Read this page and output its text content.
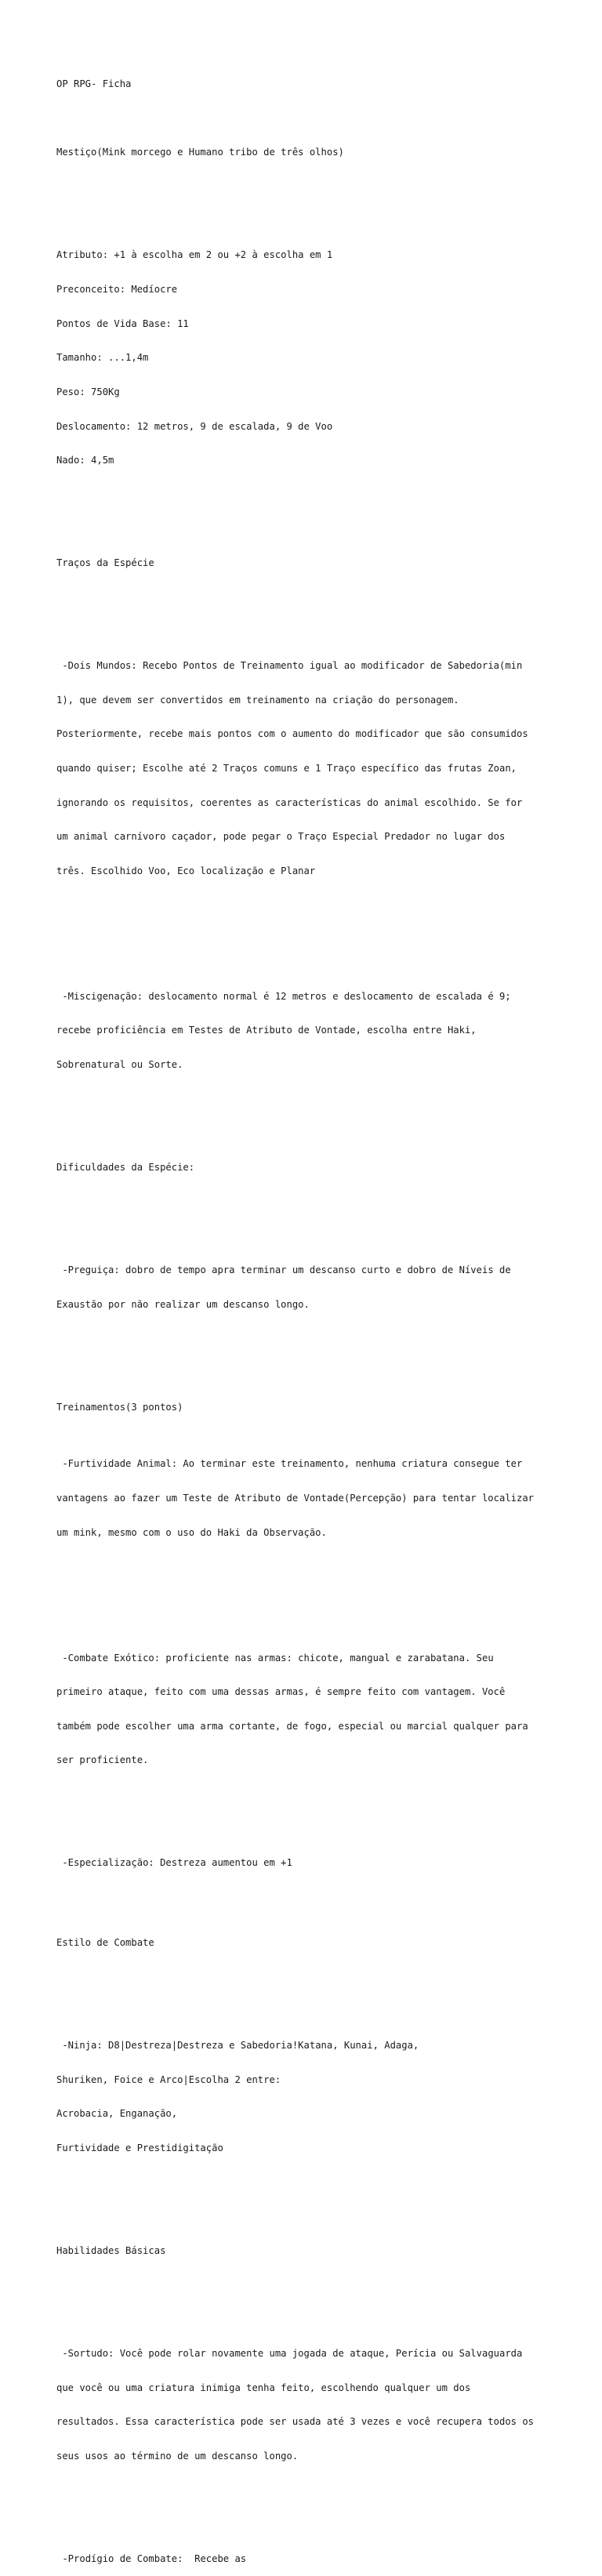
OP RPG- Ficha

Mestiço(Mink morcego e Humano tribo de três olhos)

Atributo: +1 à escolha em 2 ou +2 à escolha em 1

Preconceito: Medíocre

Pontos de Vida Base: 11

Tamanho: ...1,4m

Peso: 750Kg

Deslocamento: 12 metros, 9 de escalada, 9 de Voo

Nado: 4,5m

Traços da Espécie

-Dois Mundos: Recebo Pontos de Treinamento igual ao modificador de Sabedoria(min

1), que devem ser convertidos em treinamento na criação do personagem.

Posteriormente, recebe mais pontos com o aumento do modificador que são consumidos

quando quiser; Escolhe até 2 Traços comuns e 1 Traço específico das frutas Zoan,

ignorando os requisitos, coerentes as características do animal escolhido. Se for

um animal carnívoro caçador, pode pegar o Traço Especial Predador no lugar dos

três. Escolhido Voo, Eco localização e Planar

-Miscigenação: deslocamento normal é 12 metros e deslocamento de escalada é 9;

recebe proficiência em Testes de Atributo de Vontade, escolha entre Haki,

Sobrenatural ou Sorte.

Dificuldades da Espécie:

-Preguiça: dobro de tempo apra terminar um descanso curto e dobro de Níveis de

Exaustão por não realizar um descanso longo.

Treinamentos(3 pontos)

-Furtividade Animal: Ao terminar este treinamento, nenhuma criatura consegue ter

vantagens ao fazer um Teste de Atributo de Vontade(Percepção) para tentar localizar

um mink, mesmo com o uso do Haki da Observação.

-Combate Exótico: proficiente nas armas: chicote, mangual e zarabatana. Seu

primeiro ataque, feito com uma dessas armas, é sempre feito com vantagem. Você

também pode escolher uma arma cortante, de fogo, especial ou marcial qualquer para

ser proficiente.

-Especialização: Destreza aumentou em +1

Estilo de Combate

-Ninja: D8|Destreza|Destreza e Sabedoria!Katana, Kunai, Adaga,

Shuriken, Foice e Arco|Escolha 2 entre:

Acrobacia, Enganação,

Furtividade e Prestidigitação

Habilidades Básicas

-Sortudo: Você pode rolar novamente uma jogada de ataque, Perícia ou Salvaguarda

que você ou uma criatura inimiga tenha feito, escolhendo qualquer um dos

resultados. Essa característica pode ser usada até 3 vezes e você recupera todos os

seus usos ao término de um descanso longo.

-Prodígio de Combate:  Recebe as
